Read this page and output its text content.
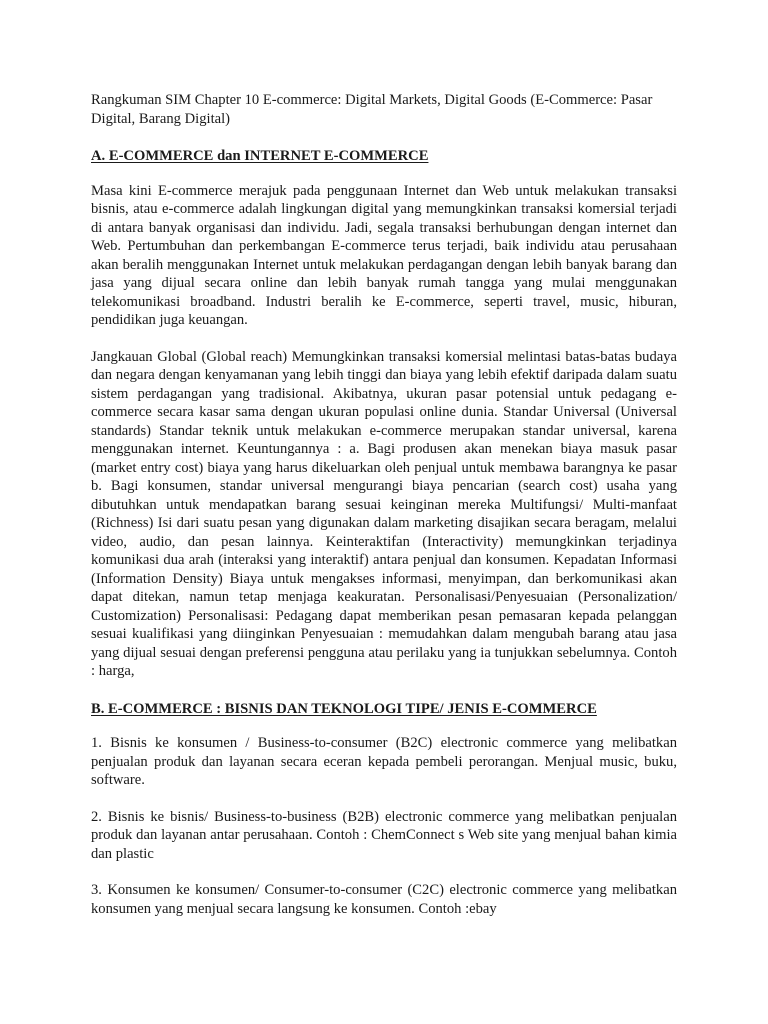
Rangkuman SIM Chapter 10 E-commerce: Digital Markets, Digital Goods (E-Commerce: Pasar Digital, Barang Digital)

A. E-COMMERCE dan INTERNET E-COMMERCE

Masa kini E-commerce merajuk pada penggunaan Internet dan Web untuk melakukan transaksi bisnis, atau e-commerce adalah lingkungan digital yang memungkinkan transaksi komersial terjadi di antara banyak organisasi dan individu. Jadi, segala transaksi berhubungan dengan internet dan Web. Pertumbuhan dan perkembangan E-commerce terus terjadi, baik individu atau perusahaan akan beralih menggunakan Internet untuk melakukan perdagangan dengan lebih banyak barang dan jasa yang dijual secara online dan lebih banyak rumah tangga yang mulai menggunakan telekomunikasi broadband. Industri beralih ke E-commerce, seperti travel, music, hiburan, pendidikan juga keuangan.

Jangkauan Global (Global reach) Memungkinkan transaksi komersial melintasi batas-batas budaya dan negara dengan kenyamanan yang lebih tinggi dan biaya yang lebih efektif daripada dalam suatu sistem perdagangan yang tradisional. Akibatnya, ukuran pasar potensial untuk pedagang e-commerce secara kasar sama dengan ukuran populasi online dunia. Standar Universal (Universal standards) Standar teknik untuk melakukan e-commerce merupakan standar universal, karena menggunakan internet. Keuntungannya : a. Bagi produsen akan menekan biaya masuk pasar (market entry cost) biaya yang harus dikeluarkan oleh penjual untuk membawa barangnya ke pasar b. Bagi konsumen, standar universal mengurangi biaya pencarian (search cost) usaha yang dibutuhkan untuk mendapatkan barang sesuai keinginan mereka Multifungsi/ Multi-manfaat (Richness) Isi dari suatu pesan yang digunakan dalam marketing disajikan secara beragam, melalui video, audio, dan pesan lainnya. Keinteraktifan (Interactivity) memungkinkan terjadinya komunikasi dua arah (interaksi yang interaktif) antara penjual dan konsumen. Kepadatan Informasi (Information Density) Biaya untuk mengakses informasi, menyimpan, dan berkomunikasi akan dapat ditekan, namun tetap menjaga keakuratan. Personalisasi/Penyesuaian (Personalization/ Customization) Personalisasi: Pedagang dapat memberikan pesan pemasaran kepada pelanggan sesuai kualifikasi yang diinginkan Penyesuaian : memudahkan dalam mengubah barang atau jasa yang dijual sesuai dengan preferensi pengguna atau perilaku yang ia tunjukkan sebelumnya. Contoh : harga,

B. E-COMMERCE : BISNIS DAN TEKNOLOGI TIPE/ JENIS E-COMMERCE

1. Bisnis ke konsumen / Business-to-consumer (B2C) electronic commerce yang melibatkan penjualan produk dan layanan secara eceran kepada pembeli perorangan. Menjual music, buku, software.

2. Bisnis ke bisnis/ Business-to-business (B2B) electronic commerce yang melibatkan penjualan produk dan layanan antar perusahaan. Contoh : ChemConnect s Web site yang menjual bahan kimia dan plastic

3. Konsumen ke konsumen/ Consumer-to-consumer (C2C) electronic commerce yang melibatkan konsumen yang menjual secara langsung ke konsumen. Contoh :ebay
